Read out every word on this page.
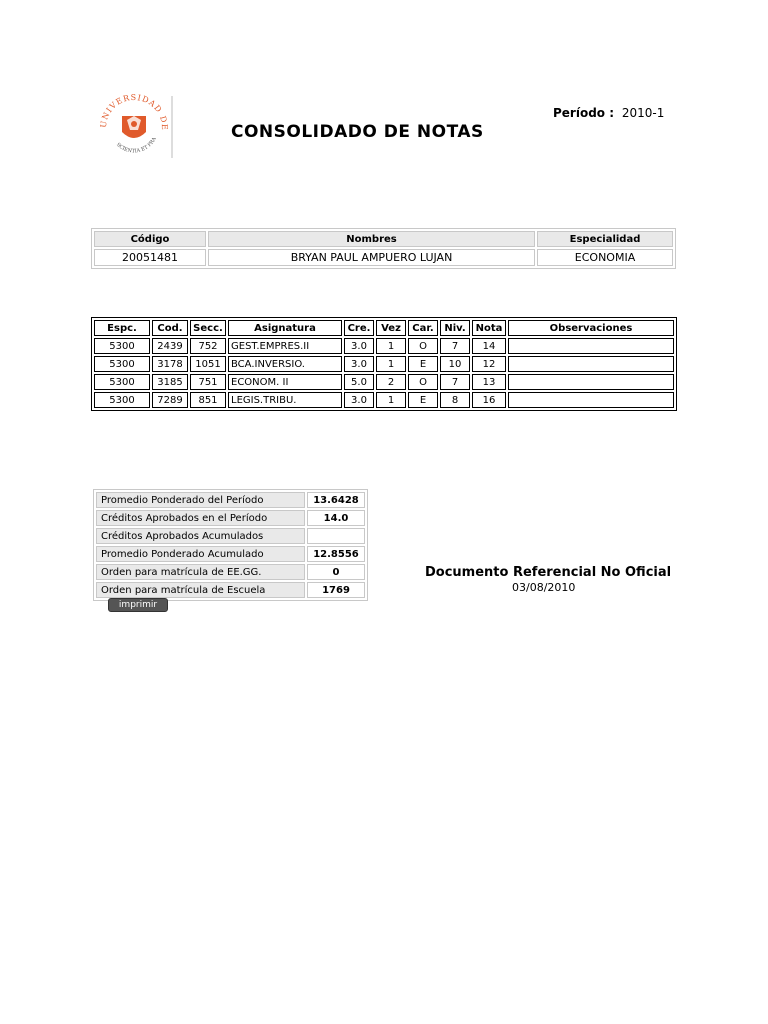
UNIVERSIDAD DE
SCIENTIA ET PRA
Período : 2010-1
CONSOLIDADO DE NOTAS
Código	Nombres	Especialidad
20051481	BRYAN PAUL AMPUERO LUJAN	ECONOMIA
Espc.	Cod.	Secc.	Asignatura	Cre.	Vez	Car.	Niv.	Nota	Observaciones
5300	2439	752	GEST.EMPRES.II	3.0	1	O	7	14	
5300	3178	1051	BCA.INVERSIO.	3.0	1	E	10	12	
5300	3185	751	ECONOM. II	5.0	2	O	7	13	
5300	7289	851	LEGIS.TRIBU.	3.0	1	E	8	16	
Promedio Ponderado del Período	13.6428
Créditos Aprobados en el Período	14.0
Créditos Aprobados Acumulados	
Promedio Ponderado Acumulado	12.8556
Orden para matrícula de EE.GG.	0
Orden para matrícula de Escuela	1769
imprimir
Documento Referencial No Oficial
03/08/2010
